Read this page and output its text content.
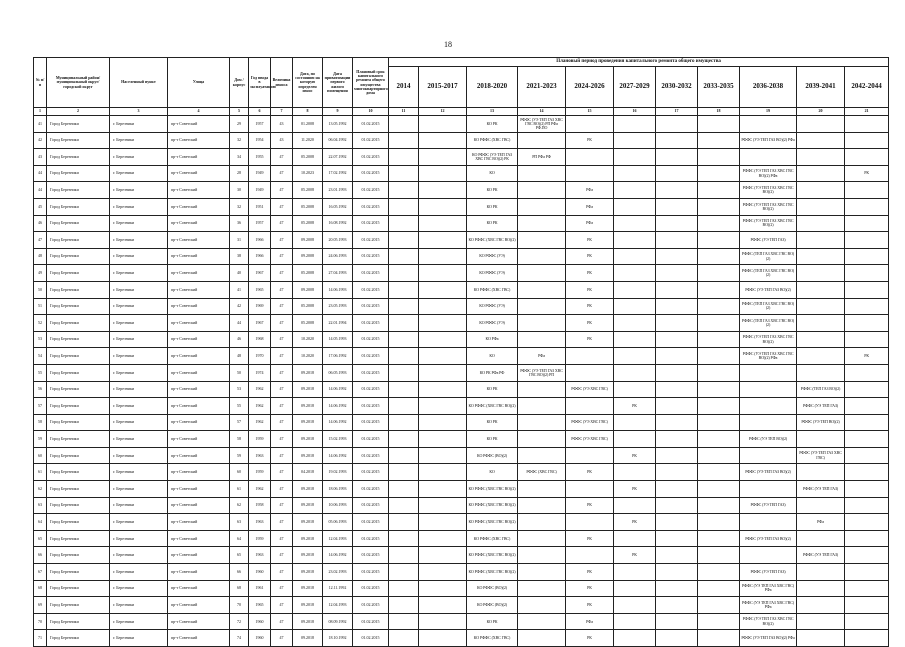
18
№ п/п	Муниципальный район/муниципальный округ/городской округ	Населенный пункт	Улица	Дом / корпус	Год ввода в эксплуатацию	Величина износа	Дата, по состоянию на которую определен износ	Дата приватизации первого жилого помещения	Плановый срок капитального ремонта общего имущества многоквартирного дома	Плановый период проведения капитального ремонта общего имущества										
										2014	2015-2017	2018-2020	2021-2023	2024-2026	2027-2029	2030-2032	2033-2035	2036-2038	2039-2041	2042-2044
1	2	3	4	5	6	7	8	9	10	11	12	13	14	15	16	17	18	19	20	21
41	Город Березники	г. Березники	пр-т Советский	29	1957	43	01.2008	13.05.1992	01.02.2015			КО РК	РФФС (УЭ ТЕП ГАЗ ХВС ГВС ВО)(2) РП РФа РФ.ПО							
42	Город Березники	г. Березники	пр-т Советский	32	1954	43	11.2020	06.04.1992	01.02.2015			КО РФФС (ХВС ГВС)		РК				РФФС (УЭ ТЕП ГАЗ ВО)(2) РФа		
43	Город Березники	г. Березники	пр-т Советский	34	1955	47	05.2008	22.07.1992	01.02.2015			КО РФФС (УЭ ТЕП ГАЗ ХВС ГВС ВО)(2) РК	РП РФа РФ							
44	Город Березники	г. Березники	пр-т Советский	28	1949	47	10.2023	17.02.1992	01.02.2015			КО						РФФС (УЭ ТЕП ГАЗ ХВС ГВС ВО)(2) РФа		РК
44	Город Березники	г. Березники	пр-т Советский	30	1949	47	05.2008	23.01.1993	01.02.2015			КО РК		РФа				РФФС (УЭ ТЕП ГАЗ ХВС ГВС ВО)(2)		
45	Город Березники	г. Березники	пр-т Советский	32	1951	47	05.2008	16.05.1992	01.02.2015			КО РК		РФа				РФФС (УЭ ТЕП ГАЗ ХВС ГВС ВО)(2)		
46	Город Березники	г. Березники	пр-т Советский	36	1957	47	05.2008	16.08.1992	01.02.2015			КО РК		РФа				РФФС (УЭ ТЕП ГАЗ ХВС ГВС ВО)(2)		
47	Город Березники	г. Березники	пр-т Советский	31	1966	47	09.2008	20.05.1993	01.02.2015			КО РФФС (ХВС ГВС ВО)(2)		РК				РФФС (УЭ ТЕП ГАЗ)		
48	Город Березники	г. Березники	пр-т Советский	38	1966	47	09.2008	24.06.1993	01.02.2015			КО РФФС (УЭ)		РК				РФФС (ТЕП ГАЗ ХВС ГВС ВО)(2)		
49	Город Березники	г. Березники	пр-т Советский	40	1967	47	05.2008	27.04.1993	01.02.2015			КО РФФС (УЭ)		РК				РФФС (ТЕП ГАЗ ХВС ГВС ВО)(2)		
50	Город Березники	г. Березники	пр-т Советский	41	1965	47	09.2008	14.06.1993	01.02.2015			КО РФФС (ХВС ГВС)		РК				РФФС (УЭ ТЕП ГАЗ ВО)(2)		
51	Город Березники	г. Березники	пр-т Советский	42	1969	47	05.2008	23.05.1993	01.02.2015			КО РФФС (УЭ)		РК				РФФС (ТЕП ГАЗ ХВС ГВС ВО)(2)		
52	Город Березники	г. Березники	пр-т Советский	44	1967	47	05.2008	22.01.1994	01.02.2015			КО РФФС (УЭ)		РК				РФФС (ТЕП ГАЗ ХВС ГВС ВО)(2)		
53	Город Березники	г. Березники	пр-т Советский	46	1968	47	10.2020	14.05.1993	01.02.2015			КО РФа		РК				РФФС (УЭ ТЕП ГАЗ ХВС ГВС ВО)(2)		
54	Город Березники	г. Березники	пр-т Советский	48	1970	47	10.2020	17.06.1992	01.02.2015			КО	РФа					РФФС (УЭ ТЕП ГАЗ ХВС ГВС ВО)(2) РФа		РК
55	Город Березники	г. Березники	пр-т Советский	50	1974	47	09.2018	06.05.1993	01.02.2015			КО РК РФа РФ	РФФС (УЭ ТЕП ГАЗ ХВС ГВС ВО)(2) РП							
56	Город Березники	г. Березники	пр-т Советский	53	1962	47	09.2018	14.06.1992	01.02.2015			КО РК		РФФС (УЭ ХВС ГВС)					РФФС (ТЕП ГАЗ ВО)(2)	
57	Город Березники	г. Березники	пр-т Советский	55	1962	47	09.2018	14.06.1992	01.02.2015			КО РФФС (ХВС ГВС ВО)(2)			РК				РФФС (УЭ ТЕП ГАЗ)	
58	Город Березники	г. Березники	пр-т Советский	57	1962	47	09.2018	14.06.1992	01.02.2015			КО РК		РФФС (УЭ ХВС ГВС)					РФФС (УЭ ТЕП ВО)(2)	
59	Город Березники	г. Березники	пр-т Советский	58	1959	47	09.2018	15.02.1993	01.02.2015			КО РК		РФФС (УЭ ХВС ГВС)				РФФС (УЭ ТЕП ВО)(2)		
60	Город Березники	г. Березники	пр-т Советский	59	1963	47	09.2018	14.06.1992	01.02.2015			КО РФФС (ВО)(2)			РК				РФФС (УЭ ТЕП ГАЗ ХВС ГВС)	
61	Город Березники	г. Березники	пр-т Советский	60	1959	47	04.2018	19.02.1993	01.02.2015			КО	РФФС (ХВС ГВС)	РК				РФФС (УЭ ТЕП ГАЗ ВО)(2)		
62	Город Березники	г. Березники	пр-т Советский	61	1962	47	09.2018	18.06.1993	01.02.2015			КО РФФС (ХВС ГВС ВО)(2)			РК				РФФС (УЭ ТЕП ГАЗ)	
63	Город Березники	г. Березники	пр-т Советский	62	1958	47	09.2018	10.06.1993	01.02.2015			КО РФФС (ХВС ГВС ВО)(2)		РК				РФФС (УЭ ТЕП ГАЗ)		
64	Город Березники	г. Березники	пр-т Советский	63	1963	47	09.2018	05.06.1993	01.02.2015			КО РФФС (ХВС ГВС ВО)(2)			РК				РФа	
65	Город Березники	г. Березники	пр-т Советский	64	1959	47	09.2018	12.04.1993	01.02.2015			КО РФФС (ХВС ГВС)		РК				РФФС (УЭ ТЕП ГАЗ ВО)(2)		
66	Город Березники	г. Березники	пр-т Советский	65	1963	47	09.2018	14.06.1992	01.02.2015			КО РФФС (ХВС ГВС ВО)(2)			РК				РФФС (УЭ ТЕП ГАЗ)	
67	Город Березники	г. Березники	пр-т Советский	66	1960	47	09.2018	23.02.1993	01.02.2015			КО РФФС (ХВС ГВС ВО)(2)		РК				РФФС (УЭ ТЕП ГАЗ)		
68	Город Березники	г. Березники	пр-т Советский	68	1961	47	09.2018	12.11.1992	01.02.2015			КО РФФС (ВО)(2)		РК				РФФС (УЭ ТЕП ГАЗ ХВС ГВС) РФа		
69	Город Березники	г. Березники	пр-т Советский	70	1965	47	09.2018	12.04.1993	01.02.2015			КО РФФС (ВО)(2)		РК				РФФС (УЭ ТЕП ГАЗ ХВС ГВС) РФа		
70	Город Березники	г. Березники	пр-т Советский	72	1960	47	09.2018	08.09.1992	01.02.2015			КО РК		РФа				РФФС (УЭ ТЕП ГАЗ ХВС ГВС ВО)(2)		
71	Город Березники	г. Березники	пр-т Советский	74	1960	47	09.2018	18.10.1992	01.02.2015			КО РФФС (ХВС ГВС)		РК				РФФС (УЭ ТЕП ГАЗ ВО)(2) РФа		
